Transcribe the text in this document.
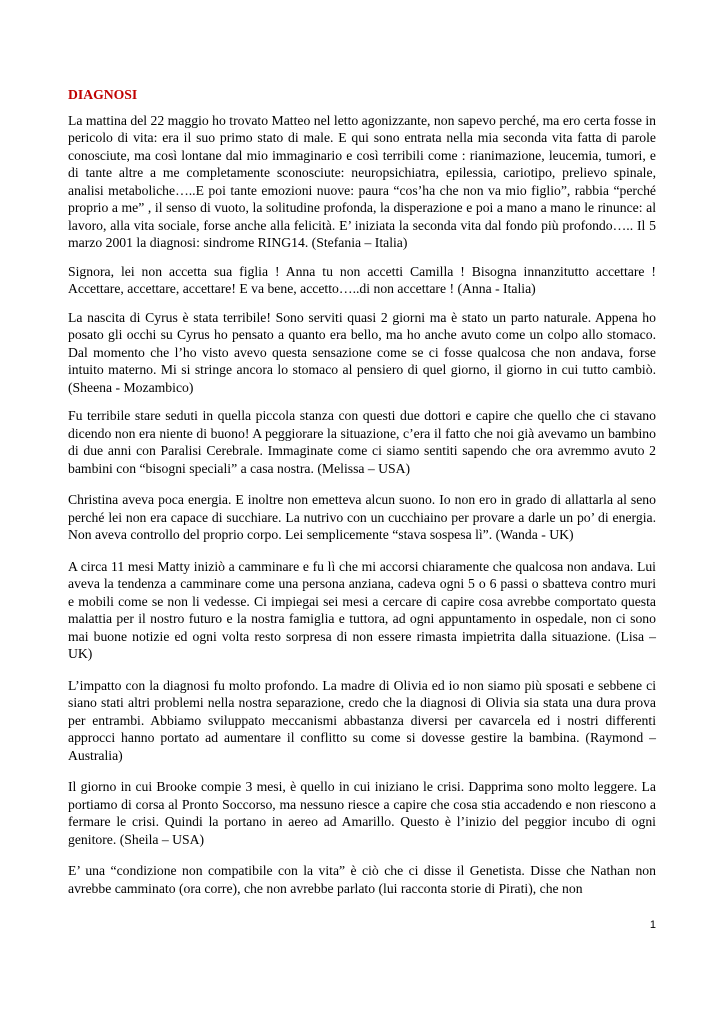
DIAGNOSI

La mattina del 22 maggio ho trovato Matteo nel letto agonizzante, non sapevo perché, ma ero certa fosse in pericolo di vita: era il suo primo stato di male. E qui sono entrata nella mia seconda vita fatta di parole conosciute, ma così lontane dal mio immaginario e così terribili come : rianimazione, leucemia, tumori, e di tante altre a me completamente sconosciute: neuropsichiatra, epilessia, cariotipo, prelievo spinale, analisi metaboliche…..E poi tante emozioni nuove: paura “cos’ha che non va mio figlio”, rabbia “perché proprio a me” , il senso di vuoto, la solitudine profonda, la disperazione e poi a mano a mano le rinunce: al lavoro, alla vita sociale, forse anche alla felicità. E’ iniziata la seconda vita dal fondo più profondo….. Il 5 marzo 2001 la diagnosi: sindrome RING14. (Stefania – Italia)

Signora, lei non accetta sua figlia ! Anna tu non accetti Camilla ! Bisogna innanzitutto accettare ! Accettare, accettare, accettare! E va bene, accetto…..di non accettare ! (Anna - Italia)

La nascita di Cyrus è stata terribile! Sono serviti quasi 2 giorni ma è stato un parto naturale. Appena ho posato gli occhi su Cyrus ho pensato a quanto era bello, ma ho anche avuto come un colpo allo stomaco. Dal momento che l’ho visto avevo questa sensazione come se ci fosse qualcosa che non andava, forse intuito materno. Mi si stringe ancora lo stomaco al pensiero di quel giorno, il giorno in cui tutto cambiò. (Sheena - Mozambico)

Fu terribile stare seduti in quella piccola stanza con questi due dottori e capire che quello che ci stavano dicendo non era niente di buono! A peggiorare la situazione, c’era il fatto che noi già avevamo un bambino di due anni con Paralisi Cerebrale. Immaginate come ci siamo sentiti sapendo che ora avremmo avuto 2 bambini con “bisogni speciali” a casa nostra. (Melissa – USA)

Christina aveva poca energia. E inoltre non emetteva alcun suono. Io non ero in grado di allattarla al seno perché lei non era capace di succhiare. La nutrivo con un cucchiaino per provare a darle un po’ di energia. Non aveva controllo del proprio corpo. Lei semplicemente “stava sospesa lì”. (Wanda - UK)

A circa 11 mesi Matty iniziò a camminare e fu lì che mi accorsi chiaramente che qualcosa non andava. Lui aveva la tendenza a camminare come una persona anziana, cadeva ogni 5 o 6 passi o sbatteva contro muri e mobili come se non li vedesse. Ci impiegai sei mesi a cercare di capire cosa avrebbe comportato questa malattia per il nostro futuro e la nostra famiglia e tuttora, ad ogni appuntamento in ospedale, non ci sono mai buone notizie ed ogni volta resto sorpresa di non essere rimasta impietrita dalla situazione. (Lisa – UK)

L’impatto con la diagnosi fu molto profondo. La madre di Olivia ed io non siamo più sposati e sebbene ci siano stati altri problemi nella nostra separazione, credo che la diagnosi di Olivia sia stata una dura prova per entrambi. Abbiamo sviluppato meccanismi abbastanza diversi per cavarcela ed i nostri differenti approcci hanno portato ad aumentare il conflitto su come si dovesse gestire la bambina. (Raymond – Australia)

Il giorno in cui Brooke compie 3 mesi, è quello in cui iniziano le crisi. Dapprima sono molto leggere. La portiamo di corsa al Pronto Soccorso, ma nessuno riesce a capire che cosa stia accadendo e non riescono a fermare le crisi. Quindi la portano in aereo ad Amarillo. Questo è l’inizio del peggior incubo di ogni genitore. (Sheila – USA)

E’ una “condizione non compatibile con la vita” è ciò che ci disse il Genetista. Disse che Nathan non avrebbe camminato (ora corre), che non avrebbe parlato (lui racconta storie di Pirati), che non

1
